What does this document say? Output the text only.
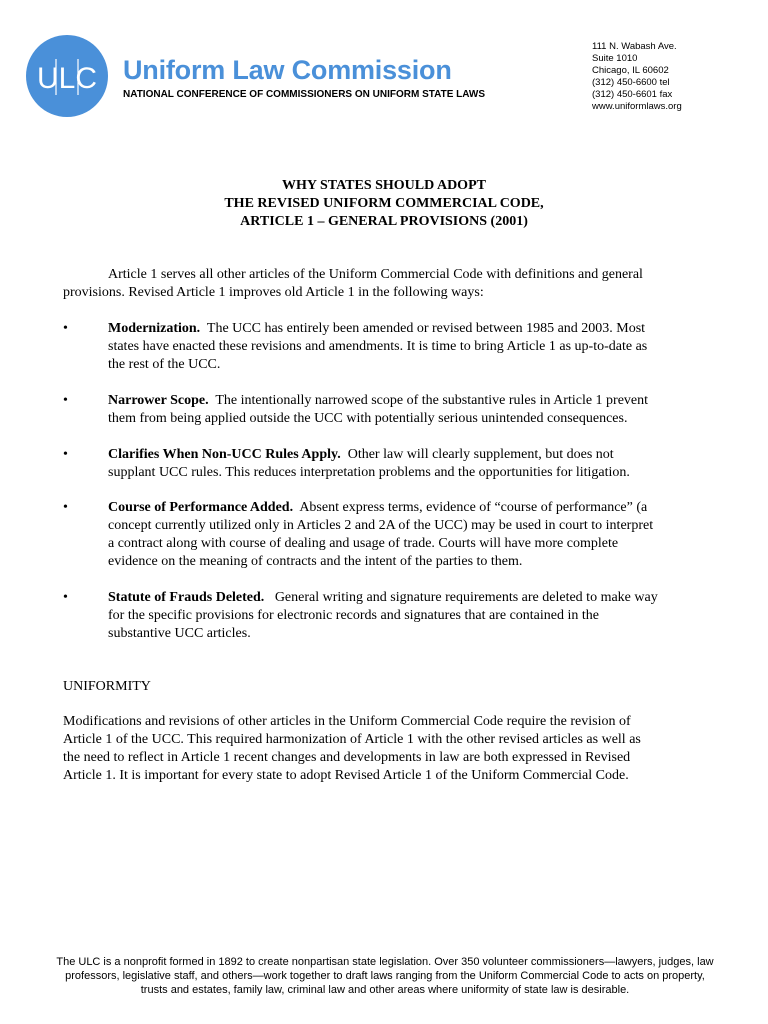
ULC Uniform Law Commission
NATIONAL CONFERENCE OF COMMISSIONERS ON UNIFORM STATE LAWS
111 N. Wabash Ave.
Suite 1010
Chicago, IL 60602
(312) 450-6600 tel
(312) 450-6601 fax
www.uniformlaws.org
WHY STATES SHOULD ADOPT
THE REVISED UNIFORM COMMERCIAL CODE,
ARTICLE 1 – GENERAL PROVISIONS (2001)
Article 1 serves all other articles of the Uniform Commercial Code with definitions and general
provisions. Revised Article 1 improves old Article 1 in the following ways:
•	Modernization. The UCC has entirely been amended or revised between 1985 and 2003. Most
states have enacted these revisions and amendments. It is time to bring Article 1 as up-to-date as
the rest of the UCC.
•	Narrower Scope. The intentionally narrowed scope of the substantive rules in Article 1 prevent
them from being applied outside the UCC with potentially serious unintended consequences.
•	Clarifies When Non-UCC Rules Apply. Other law will clearly supplement, but does not
supplant UCC rules. This reduces interpretation problems and the opportunities for litigation.
•	Course of Performance Added. Absent express terms, evidence of “course of performance” (a
concept currently utilized only in Articles 2 and 2A of the UCC) may be used in court to interpret
a contract along with course of dealing and usage of trade. Courts will have more complete
evidence on the meaning of contracts and the intent of the parties to them.
•	Statute of Frauds Deleted. General writing and signature requirements are deleted to make way
for the specific provisions for electronic records and signatures that are contained in the
substantive UCC articles.
UNIFORMITY
Modifications and revisions of other articles in the Uniform Commercial Code require the revision of
Article 1 of the UCC. This required harmonization of Article 1 with the other revised articles as well as
the need to reflect in Article 1 recent changes and developments in law are both expressed in Revised
Article 1. It is important for every state to adopt Revised Article 1 of the Uniform Commercial Code.
The ULC is a nonprofit formed in 1892 to create nonpartisan state legislation. Over 350 volunteer commissioners—lawyers, judges, law
professors, legislative staff, and others—work together to draft laws ranging from the Uniform Commercial Code to acts on property,
trusts and estates, family law, criminal law and other areas where uniformity of state law is desirable.
